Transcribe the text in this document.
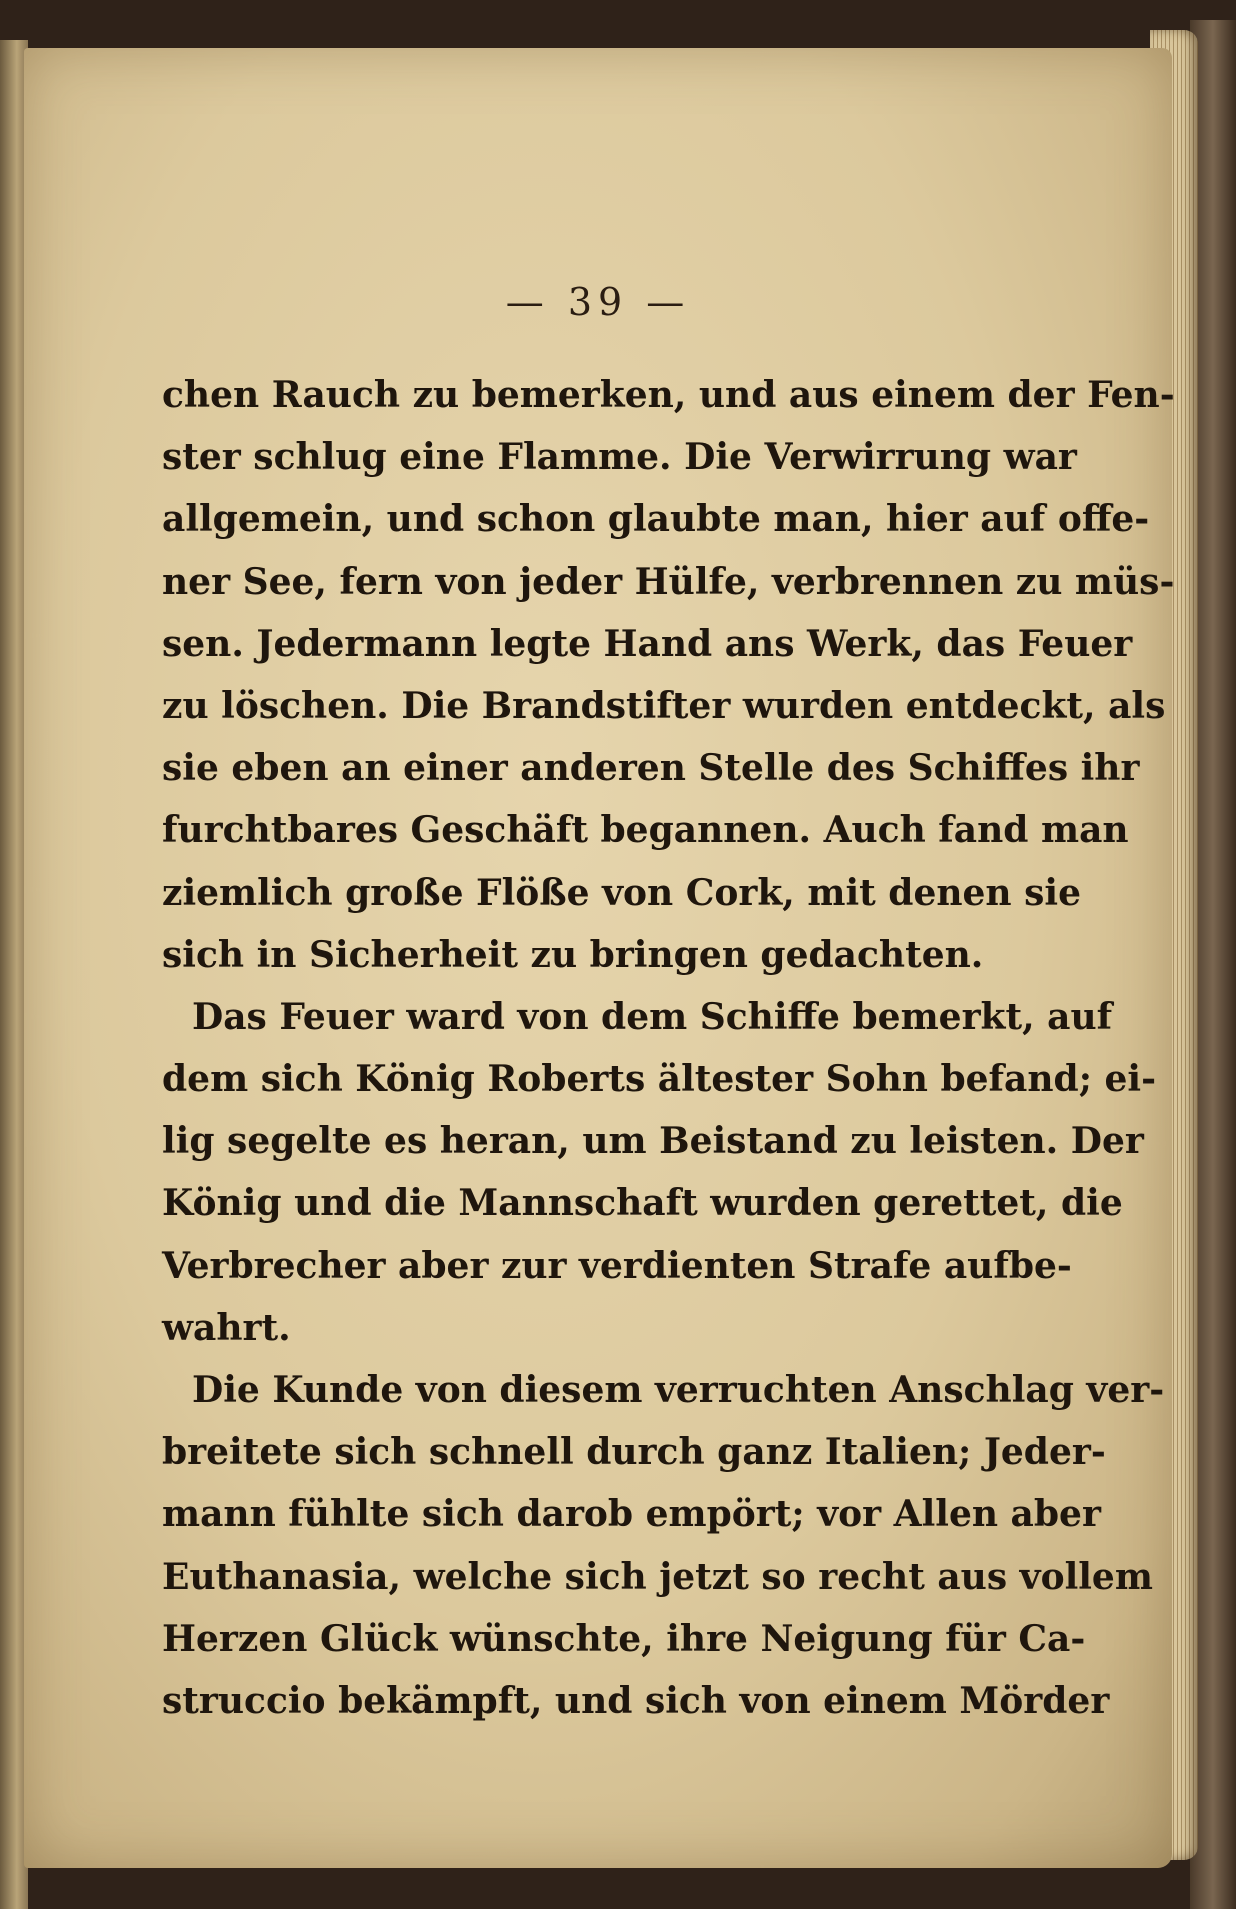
— 39 —
chen Rauch zu bemerken, und aus einem der Fen-
ster schlug eine Flamme. Die Verwirrung war
allgemein, und schon glaubte man, hier auf offe-
ner See, fern von jeder Hülfe, verbrennen zu müs-
sen. Jedermann legte Hand ans Werk, das Feuer
zu löschen. Die Brandstifter wurden entdeckt, als
sie eben an einer anderen Stelle des Schiffes ihr
furchtbares Geschäft begannen. Auch fand man
ziemlich große Flöße von Cork, mit denen sie
sich in Sicherheit zu bringen gedachten.
Das Feuer ward von dem Schiffe bemerkt, auf
dem sich König Roberts ältester Sohn befand; ei-
lig segelte es heran, um Beistand zu leisten. Der
König und die Mannschaft wurden gerettet, die
Verbrecher aber zur verdienten Strafe aufbe-
wahrt.
Die Kunde von diesem verruchten Anschlag ver-
breitete sich schnell durch ganz Italien; Jeder-
mann fühlte sich darob empört; vor Allen aber
Euthanasia, welche sich jetzt so recht aus vollem
Herzen Glück wünschte, ihre Neigung für Ca-
struccio bekämpft, und sich von einem Mörder
